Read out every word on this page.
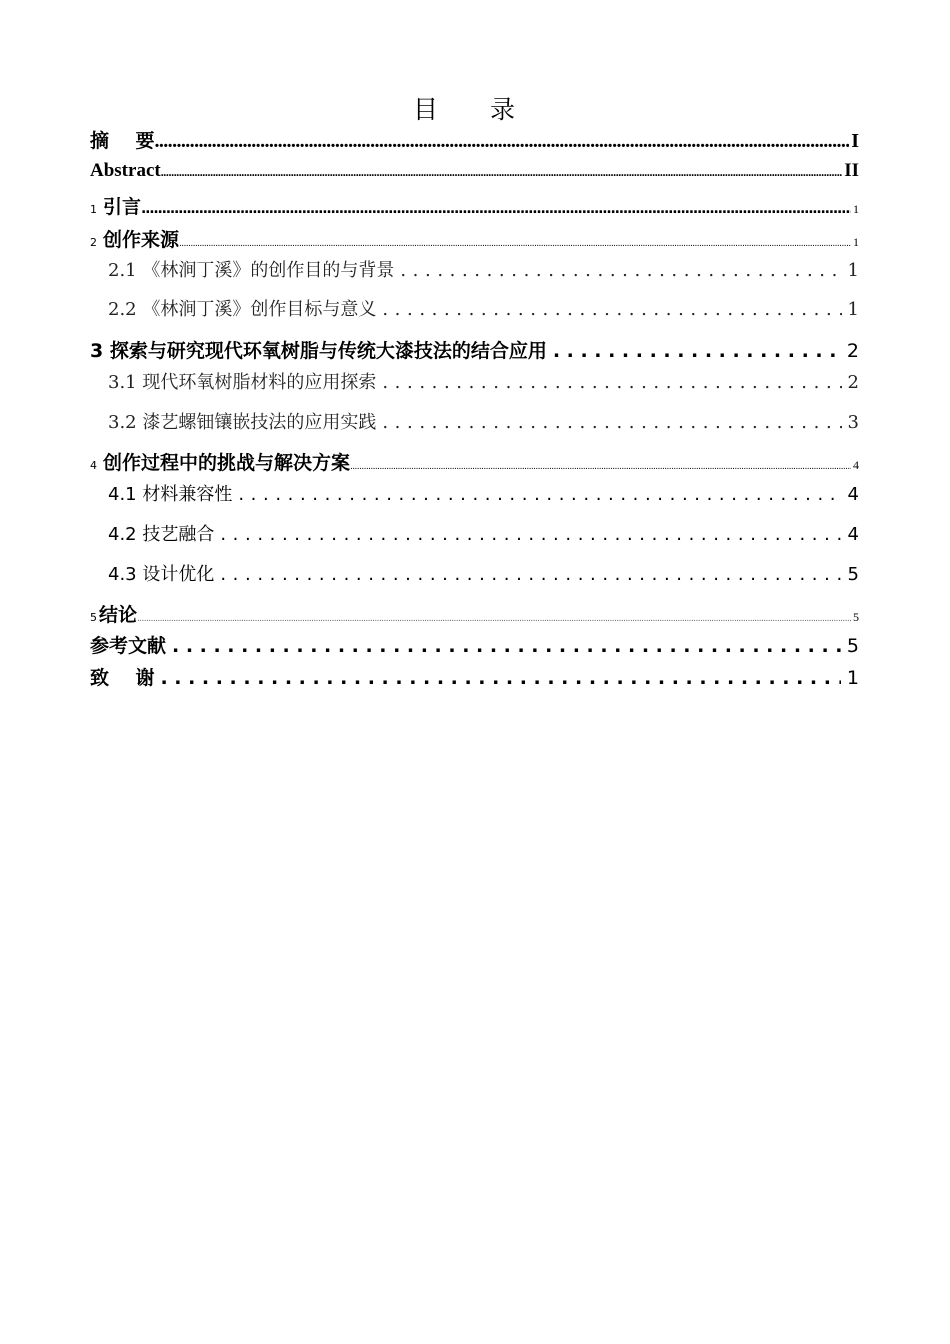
目 录
摘    要 .....	I
Abstract .....	II
1 引言 .....	1
2 创作来源 .....	1
2.1 《林涧丁溪》的创作目的与背景 .....	1
2.2 《林涧丁溪》创作目标与意义 .....	1
3 探索与研究现代环氧树脂与传统大漆技法的结合应用 .....	2
3.1 现代环氧树脂材料的应用探索 .....	2
3.2 漆艺螺钿镶嵌技法的应用实践 .....	3
4 创作过程中的挑战与解决方案 .....	4
4.1 材料兼容性 .....	4
4.2 技艺融合 .....	4
4.3 设计优化 .....	5
5 结论 .....	5
参考文献 .....	5
致    谢 .....	1
